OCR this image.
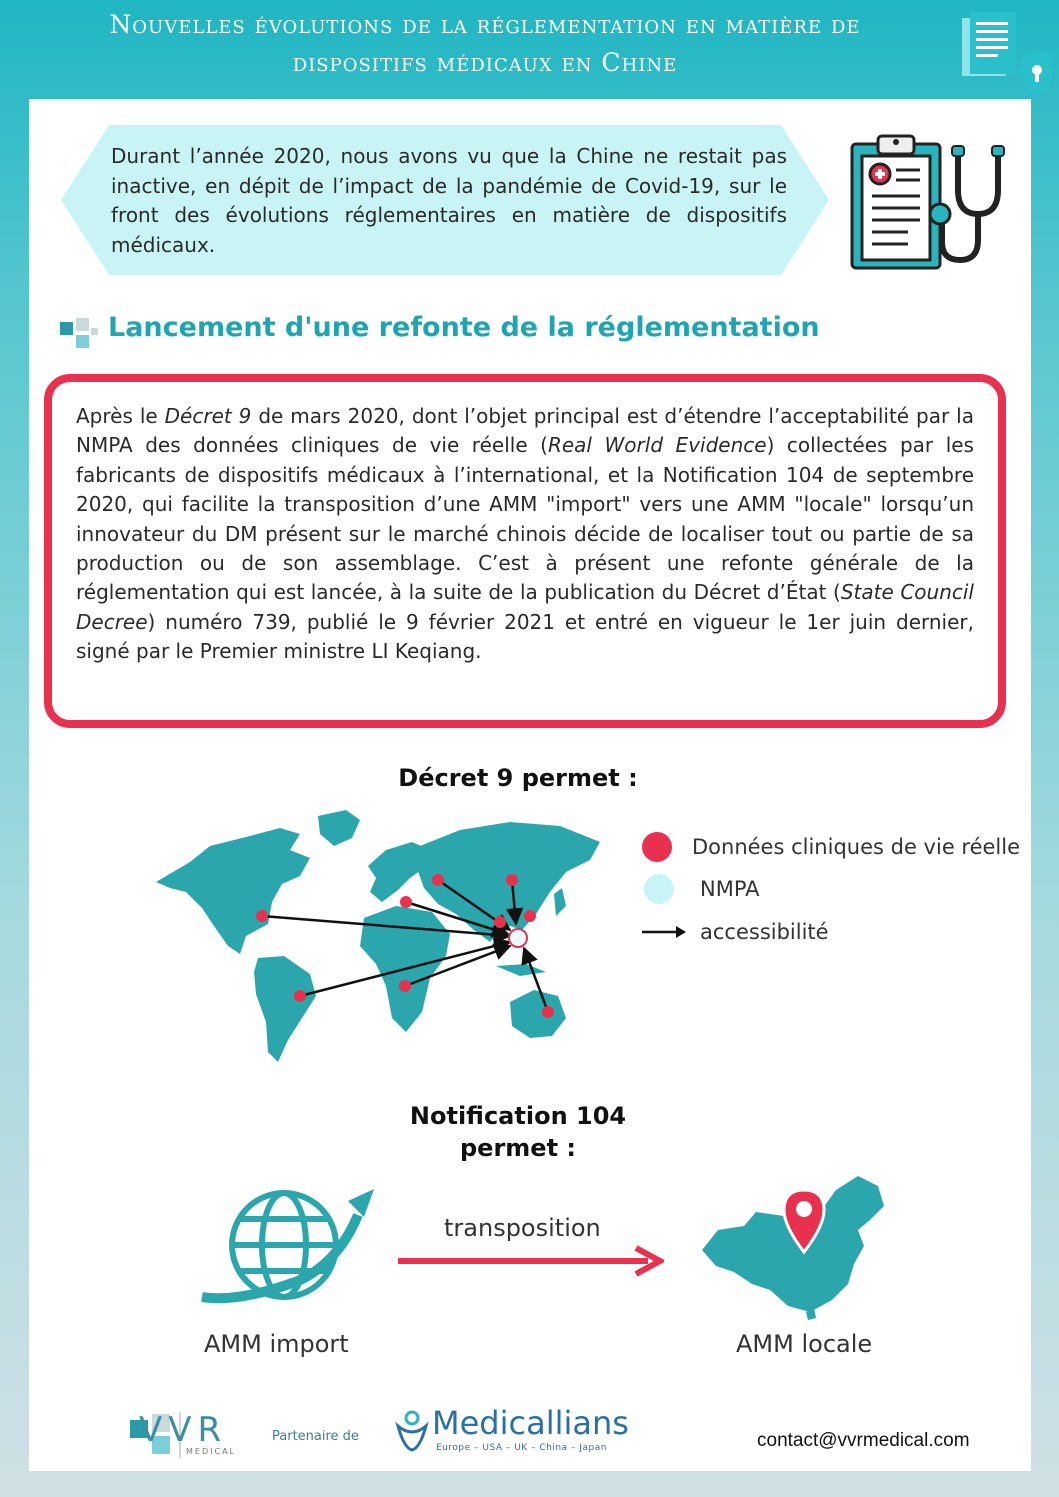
Nouvelles évolutions de la réglementation en matière de
dispositifs médicaux en Chine
Durant l’année 2020, nous avons vu que la Chine ne restait pas inactive, en dépit de l’impact de la pandémie de Covid-19, sur le front des évolutions réglementaires en matière de dispositifs médicaux.
Lancement d'une refonte de la réglementation
Après le Décret 9 de mars 2020, dont l’objet principal est d’étendre l’acceptabilité par la NMPA des données cliniques de vie réelle (Real World Evidence) collectées par les fabricants de dispositifs médicaux à l’international, et la Notification 104 de septembre 2020, qui facilite la transposition d’une AMM "import" vers une AMM "locale" lorsqu’un innovateur du DM présent sur le marché chinois décide de localiser tout ou partie de sa production ou de son assemblage. C’est à présent une refonte générale de la réglementation qui est lancée, à la suite de la publication du Décret d’État (State Council Decree) numéro 739, publié le 9 février 2021 et entré en vigueur le 1er juin dernier, signé par le Premier ministre LI Keqiang.
Décret 9 permet :
Données cliniques de vie réelle
NMPA
accessibilité
Notification 104
permet :
transposition
AMM import	AMM locale
VVR
MEDICAL
Partenaire de Medicallians
Europe – USA – UK – China – Japan	contact@vvrmedical.com
